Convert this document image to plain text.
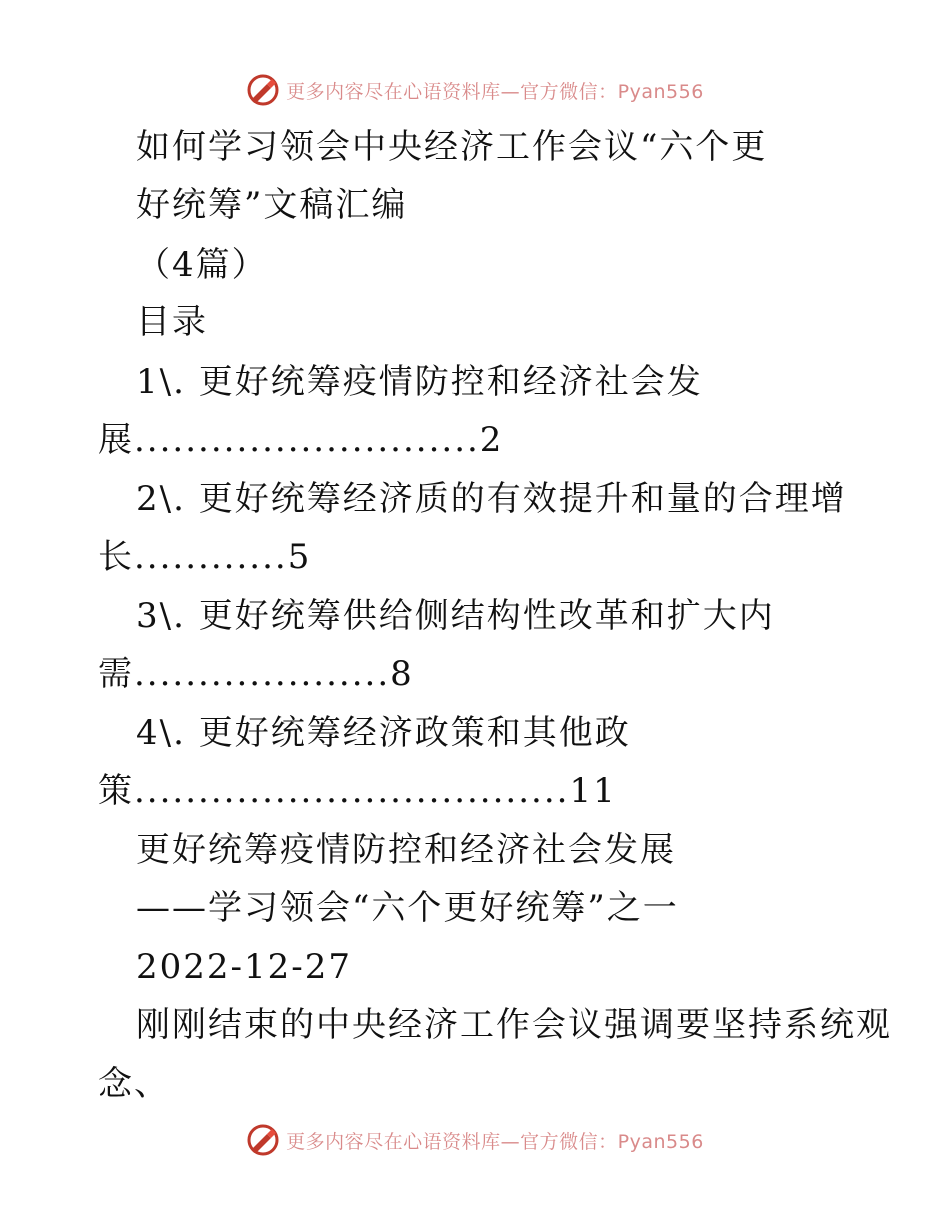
更多内容尽在心语资料库—官方微信：Pyan556
如何学习领会中央经济工作会议“六个更
好统筹”文稿汇编
（4篇）
目录
1\. 更好统筹疫情防控和经济社会发
展...........................2
2\. 更好统筹经济质的有效提升和量的合理增
长............5
3\. 更好统筹供给侧结构性改革和扩大内
需....................8
4\. 更好统筹经济政策和其他政
策..................................11
更好统筹疫情防控和经济社会发展
——学习领会“六个更好统筹”之一
2022-12-27
刚刚结束的中央经济工作会议强调要坚持系统观
念、
更多内容尽在心语资料库—官方微信：Pyan556
